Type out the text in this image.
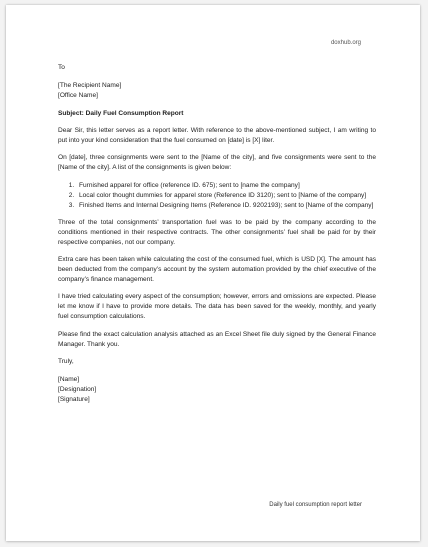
doxhub.org

To

[The Recipient Name]
[Office Name]

Subject: Daily Fuel Consumption Report

Dear Sir, this letter serves as a report letter. With reference to the above-mentioned subject, I am writing to put into your kind consideration that the fuel consumed on [date] is [X] liter.

On [date], three consignments were sent to the [Name of the city], and five consignments were sent to the [Name of the city]. A list of the consignments is given below:

1. Furnished apparel for office (reference ID. 675); sent to [name the company]
2. Local color thought dummies for apparel store (Reference ID 3120); sent to [Name of the company]
3. Finished Items and Internal Designing Items (Reference ID. 9202193); sent to [Name of the company]

Three of the total consignments’ transportation fuel was to be paid by the company according to the conditions mentioned in their respective contracts. The other consignments’ fuel shall be paid for by their respective companies, not our company.

Extra care has been taken while calculating the cost of the consumed fuel, which is USD [X]. The amount has been deducted from the company’s account by the system automation provided by the chief executive of the company’s finance management.

I have tried calculating every aspect of the consumption; however, errors and omissions are expected. Please let me know if I have to provide more details. The data has been saved for the weekly, monthly, and yearly fuel consumption calculations.

Please find the exact calculation analysis attached as an Excel Sheet file duly signed by the General Finance Manager. Thank you.

Truly,

[Name]
[Designation]
[Signature]

Daily fuel consumption report letter
